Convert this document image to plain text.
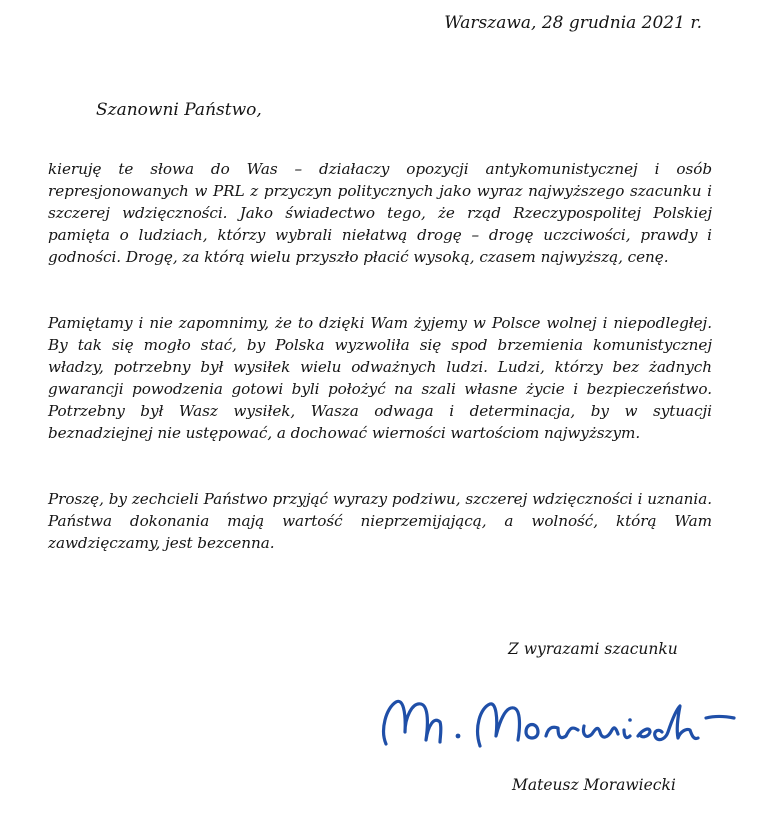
Warszawa, 28 grudnia 2021 r.
Szanowni Państwo,

kieruję te słowa do Was – działaczy opozycji antykomunistycznej i osób represjonowanych w PRL z przyczyn politycznych jako wyraz najwyższego szacunku i szczerej wdzięczności. Jako świadectwo tego, że rząd Rzeczypospolitej Polskiej pamięta o ludziach, którzy wybrali niełatwą drogę – drogę uczciwości, prawdy i godności. Drogę, za którą wielu przyszło płacić wysoką, czasem najwyższą, cenę.

Pamiętamy i nie zapomnimy, że to dzięki Wam żyjemy w Polsce wolnej i niepodległej. By tak się mogło stać, by Polska wyzwoliła się spod brzemienia komunistycznej władzy, potrzebny był wysiłek wielu odważnych ludzi. Ludzi, którzy bez żadnych gwarancji powodzenia gotowi byli położyć na szali własne życie i bezpieczeństwo. Potrzebny był Wasz wysiłek, Wasza odwaga i determinacja, by w sytuacji beznadziejnej nie ustępować, a dochować wierności wartościom najwyższym.

Proszę, by zechcieli Państwo przyjąć wyrazy podziwu, szczerej wdzięczności i uznania. Państwa dokonania mają wartość nieprzemijającą, a wolność, którą Wam zawdzięczamy, jest bezcenna.

Z wyrazami szacunku
Mateusz Morawiecki
